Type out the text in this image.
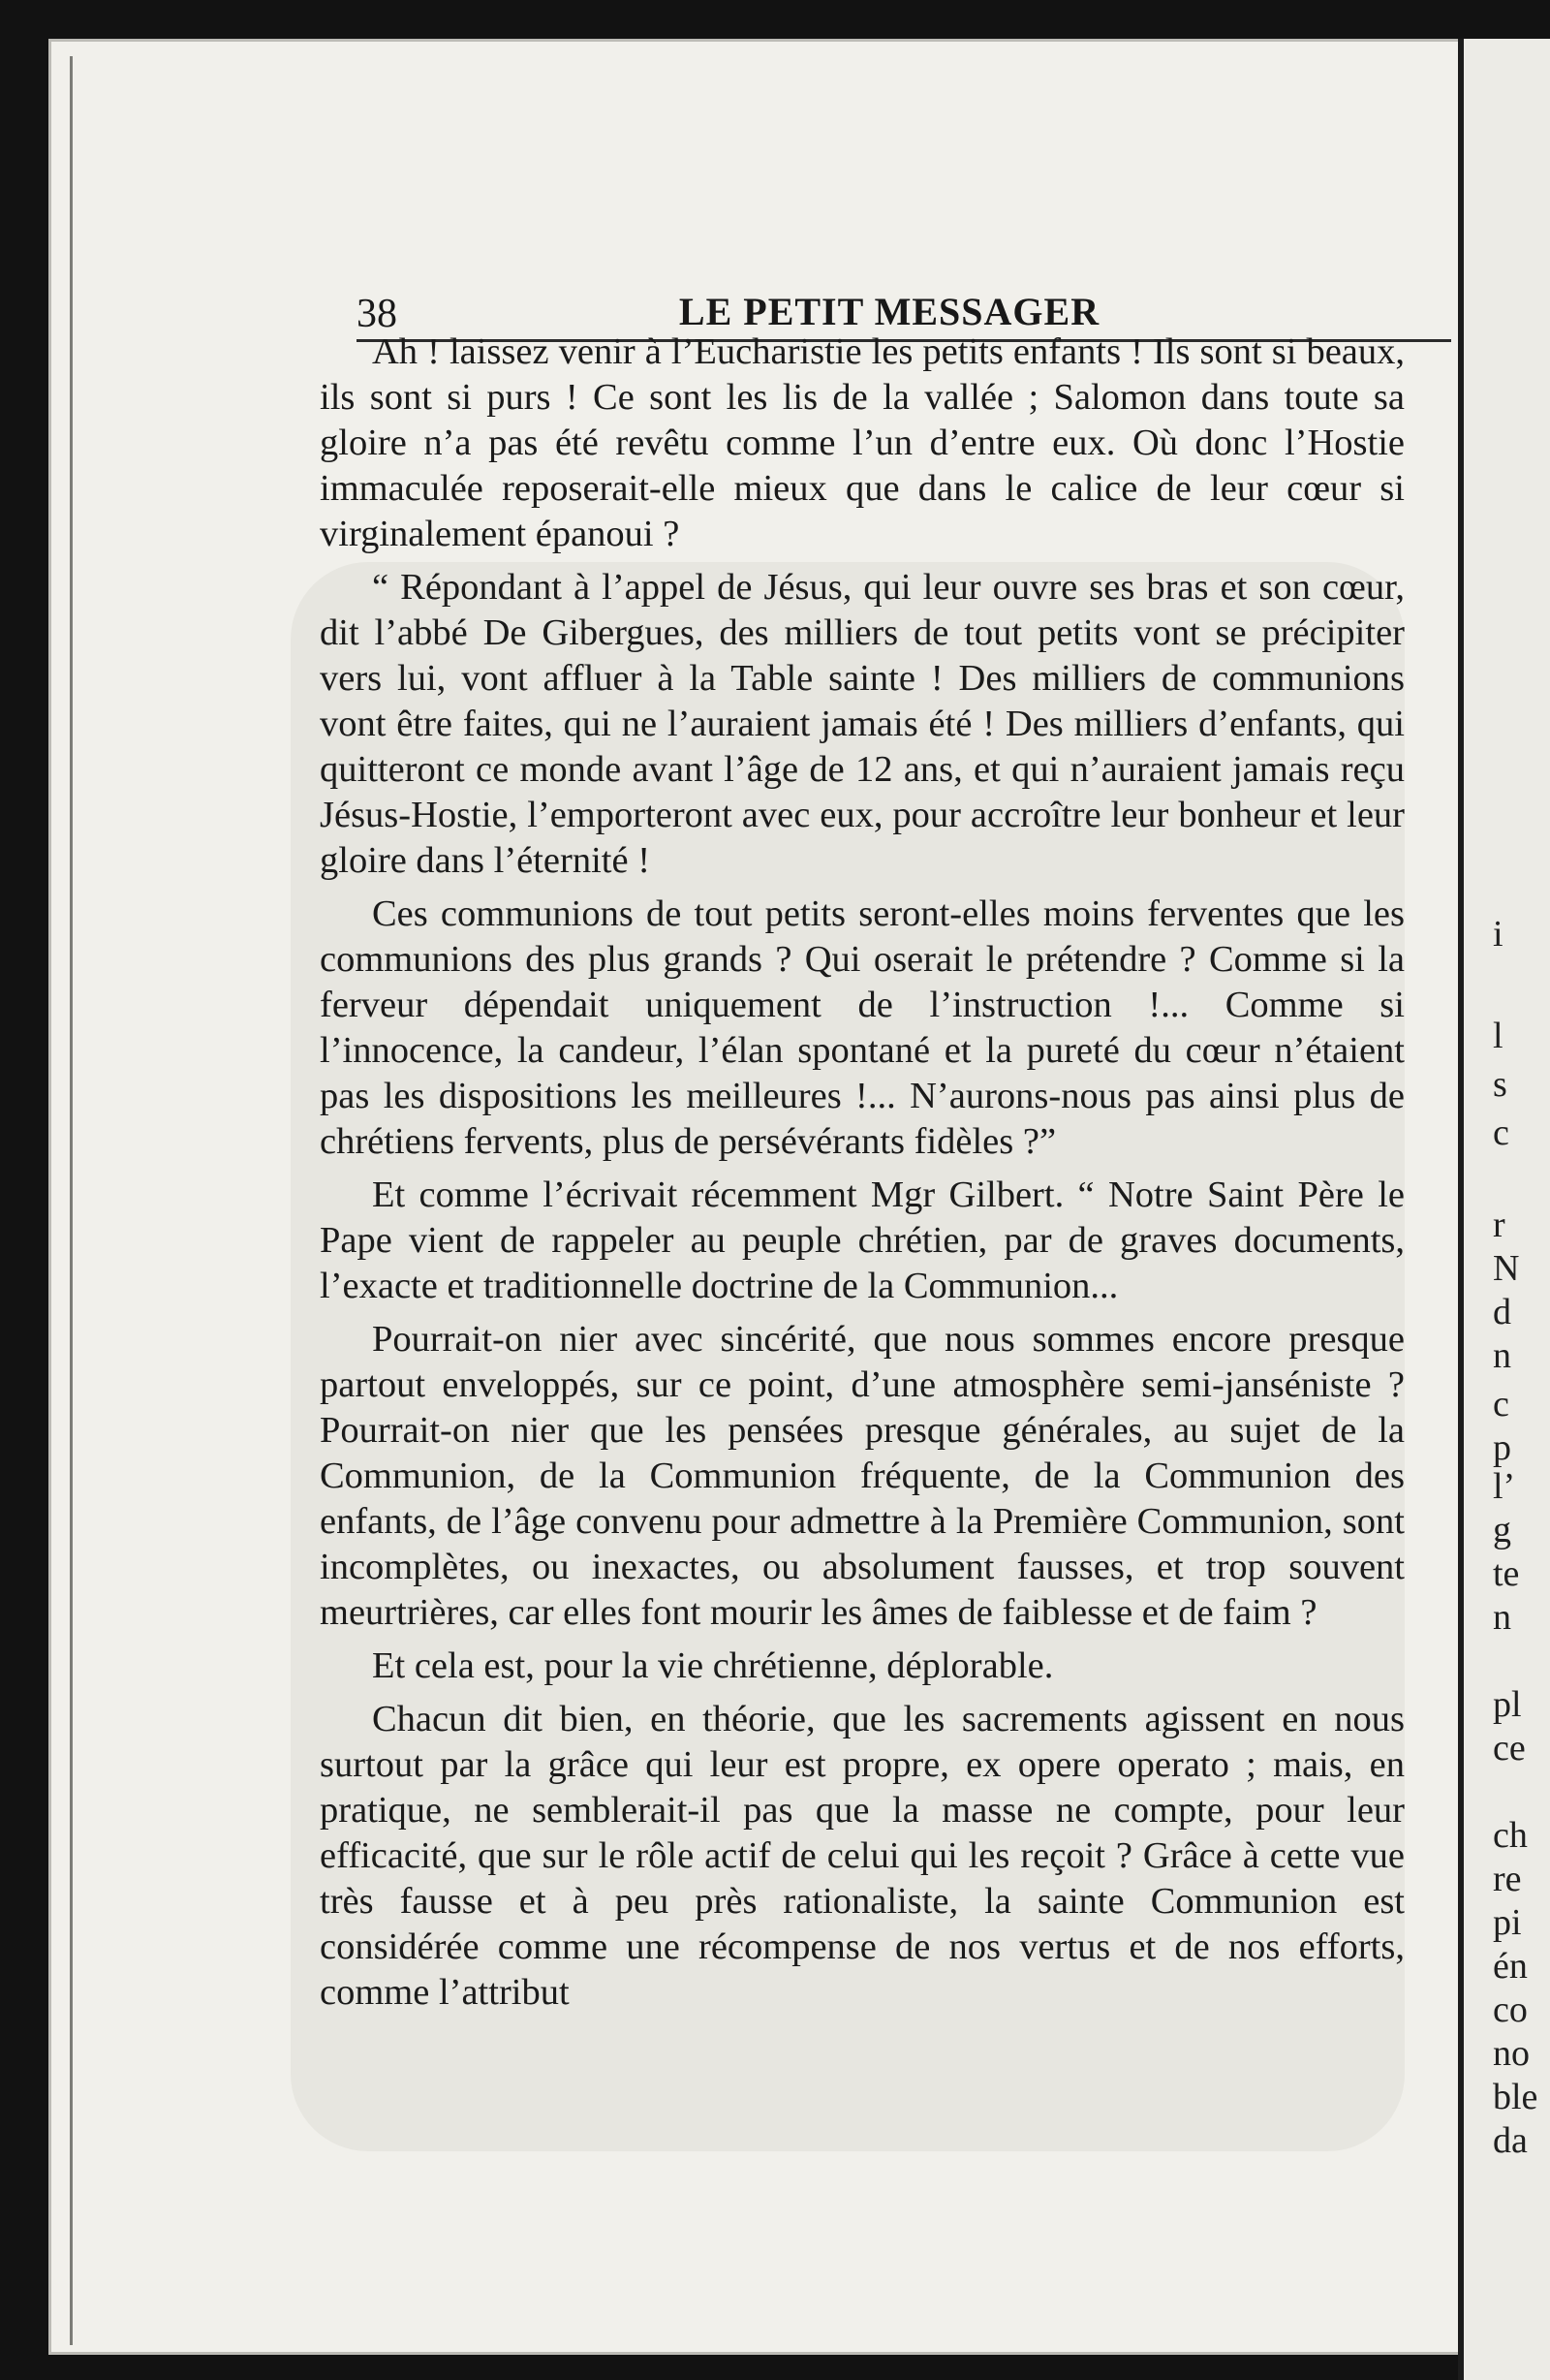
38	LE PETIT MESSAGER

Ah ! laissez venir à l’Eucharistie les petits enfants ! Ils sont si beaux, ils sont si purs ! Ce sont les lis de la vallée ; Salomon dans toute sa gloire n’a pas été revêtu comme l’un d’entre eux. Où donc l’Hostie immaculée reposerait-elle mieux que dans le calice de leur cœur si virginalement épanoui ?

“ Répondant à l’appel de Jésus, qui leur ouvre ses bras et son cœur, dit l’abbé De Gibergues, des milliers de tout petits vont se précipiter vers lui, vont affluer à la Table sainte ! Des milliers de communions vont être faites, qui ne l’auraient jamais été ! Des milliers d’enfants, qui quitteront ce monde avant l’âge de 12 ans, et qui n’auraient jamais reçu Jésus-Hostie, l’emporteront avec eux, pour accroître leur bonheur et leur gloire dans l’éternité !

Ces communions de tout petits seront-elles moins ferventes que les communions des plus grands ? Qui oserait le prétendre ? Comme si la ferveur dépendait uniquement de l’instruction !... Comme si l’innocence, la candeur, l’élan spontané et la pureté du cœur n’étaient pas les dispositions les meilleures !... N’aurons-nous pas ainsi plus de chrétiens fervents, plus de persévérants fidèles ?”

Et comme l’écrivait récemment Mgr Gilbert. “ Notre Saint Père le Pape vient de rappeler au peuple chrétien, par de graves documents, l’exacte et traditionnelle doctrine de la Communion...

Pourrait-on nier avec sincérité, que nous sommes encore presque partout enveloppés, sur ce point, d’une atmosphère semi-janséniste ? Pourrait-on nier que les pensées presque générales, au sujet de la Communion, de la Communion fréquente, de la Communion des enfants, de l’âge convenu pour admettre à la Première Communion, sont incomplètes, ou inexactes, ou absolument fausses, et trop souvent meurtrières, car elles font mourir les âmes de faiblesse et de faim ?

Et cela est, pour la vie chrétienne, déplorable.

Chacun dit bien, en théorie, que les sacrements agissent en nous surtout par la grâce qui leur est propre, ex opere operato ; mais, en pratique, ne semblerait-il pas que la masse ne compte, pour leur efficacité, que sur le rôle actif de celui qui les reçoit ? Grâce à cette vue très fausse et à peu près rationaliste, la sainte Communion est considérée comme une récompense de nos vertus et de nos efforts, comme l’attribut

i
l
s
c
r
N
d
n
c
p
l’
g
te
n
pl
ce
ch
re
pi
én
co
no
ble
da
